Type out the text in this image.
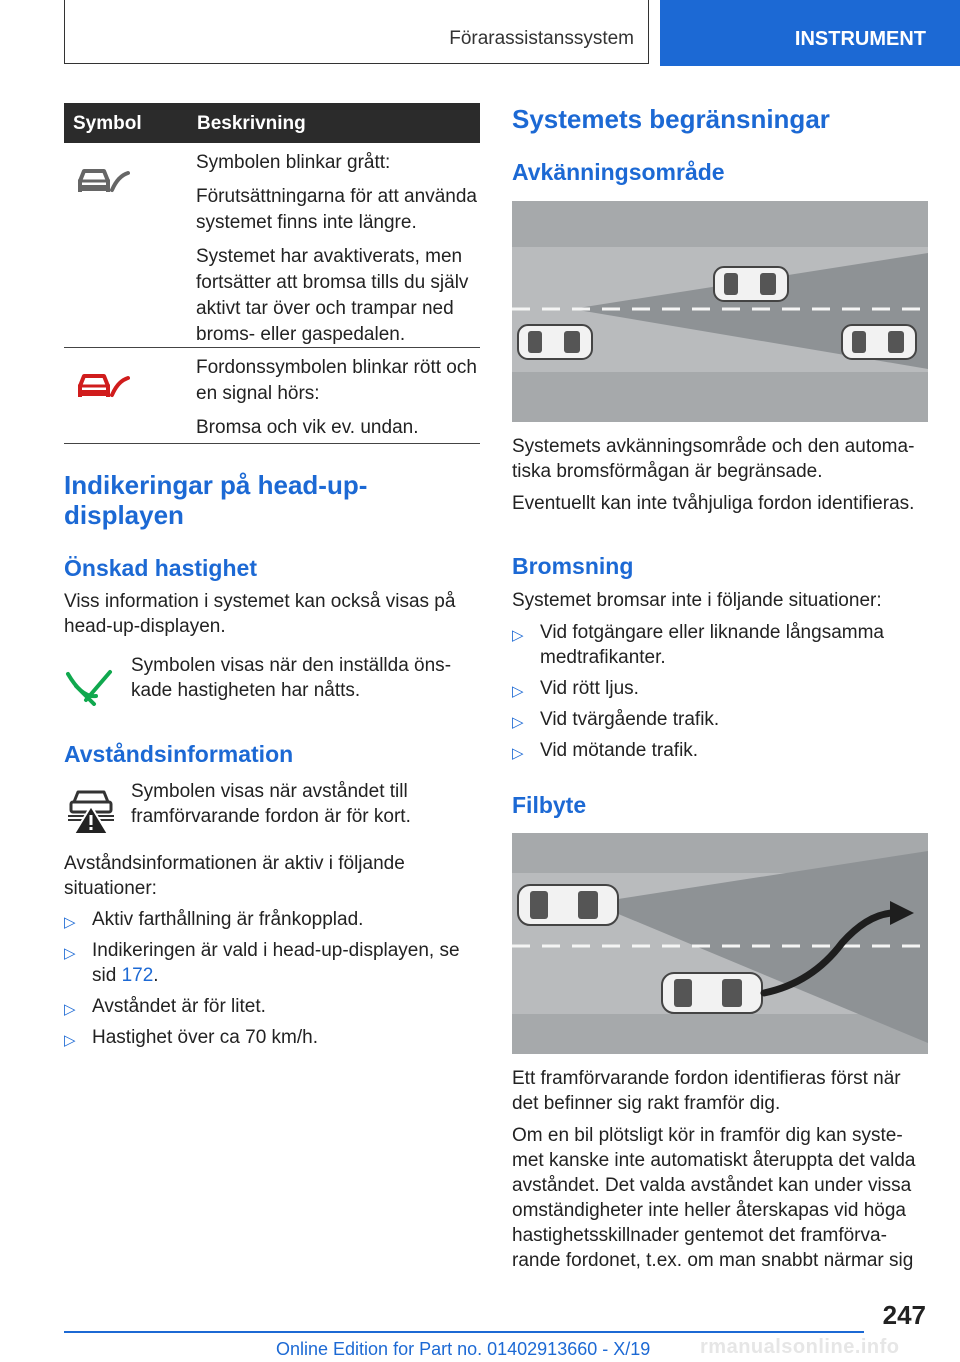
Förarassistanssystem	INSTRUMENT
Symbol	Beskrivning

Symbolen blinkar grått:

Förutsättningarna för att använda systemet finns inte längre.

Systemet har avaktiverats, men fortsätter att bromsa tills du själv aktivt tar över och trampar ned broms- eller gaspedalen.

Fordonssymbolen blinkar rött och en signal hörs:

Bromsa och vik ev. undan.

Indikeringar på head-up-displayen
Önskad hastighet
Viss information i systemet kan också visas på head-up-displayen.
Symbolen visas när den inställda önskade hastigheten har nåtts.
Avståndsinformation
Symbolen visas när avståndet till framförvarande fordon är för kort.
Avståndsinformationen är aktiv i följande situationer:
▷ Aktiv farthållning är frånkopplad.
▷ Indikeringen är vald i head-up-displayen, se sid 172.
▷ Avståndet är för litet.
▷ Hastighet över ca 70 km/h.
Systemets begränsningar
Avkänningsområde

Systemets avkänningsområde och den automatiska bromsförmågan är begränsade.

Eventuellt kan inte tvåhjuliga fordon identifieras.

Bromsning
Systemet bromsar inte i följande situationer:
▷ Vid fotgängare eller liknande långsamma medtrafikanter.
▷ Vid rött ljus.
▷ Vid tvärgående trafik.
▷ Vid mötande trafik.
Filbyte

Ett framförvarande fordon identifieras först när det befinner sig rakt framför dig.

Om en bil plötsligt kör in framför dig kan systemet kanske inte automatiskt återuppta det valda avståndet. Det valda avståndet kan under vissa omständigheter inte heller återskapas vid höga hastighetsskillnader gentemot det framförvarande fordonet, t.ex. om man snabbt närmar sig

247
rmanualsonline.info
Online Edition for Part no. 01402913660 - X/19
